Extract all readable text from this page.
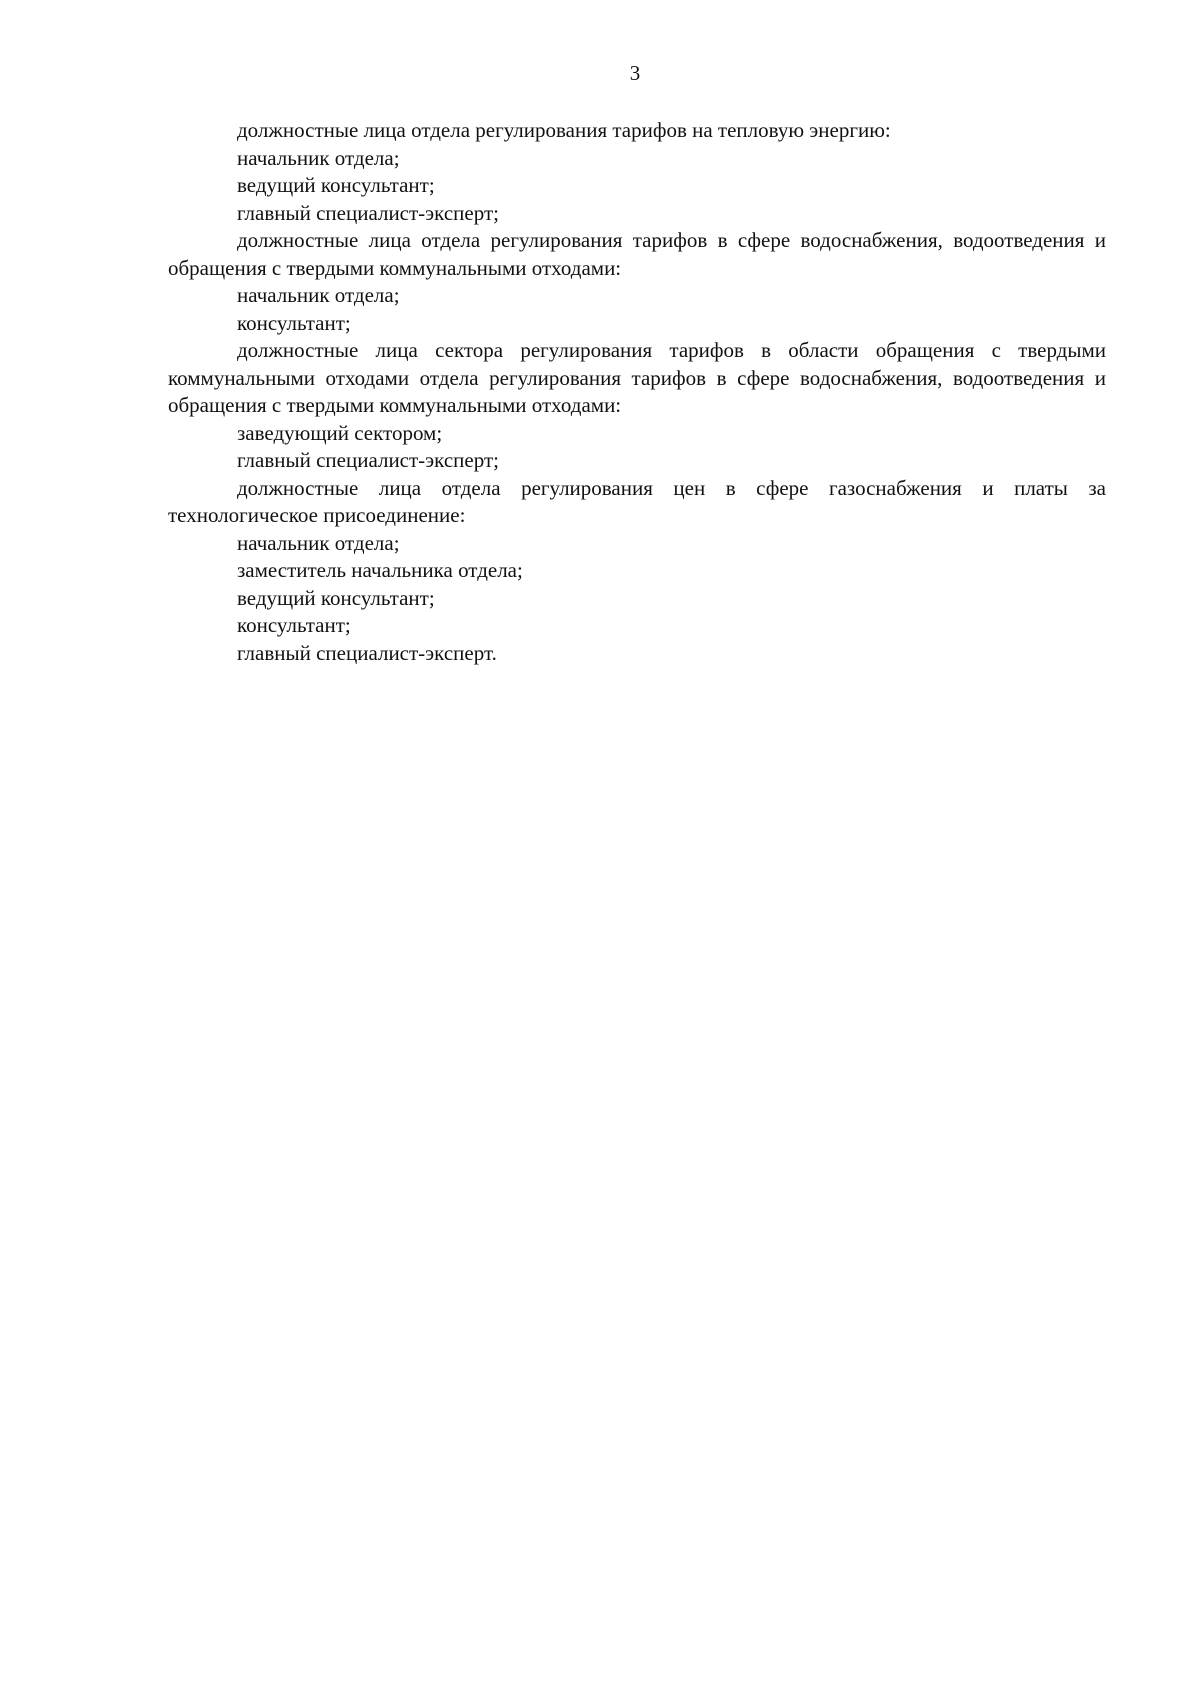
3

должностные лица отдела регулирования тарифов на тепловую энергию:

начальник отдела;

ведущий консультант;

главный специалист-эксперт;

должностные лица отдела регулирования тарифов в сфере водоснабжения, водоотведения и обращения с твердыми коммунальными отходами:

начальник отдела;

консультант;

должностные лица сектора регулирования тарифов в области обращения с твердыми коммунальными отходами отдела регулирования тарифов в сфере водоснабжения, водоотведения и обращения с твердыми коммунальными отходами:

заведующий сектором;

главный специалист-эксперт;

должностные лица отдела регулирования цен в сфере газоснабжения и платы за технологическое присоединение:

начальник отдела;

заместитель начальника отдела;

ведущий консультант;

консультант;

главный специалист-эксперт.
